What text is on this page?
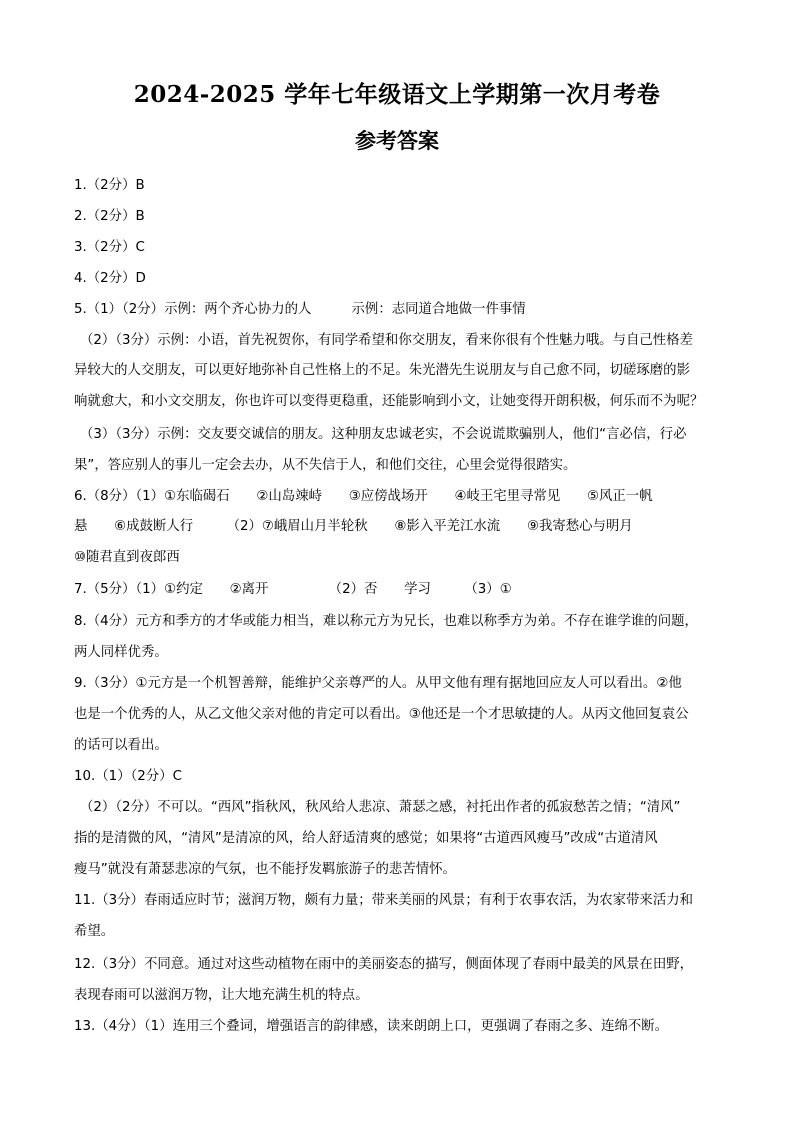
2024-2025 学年七年级语文上学期第一次月考卷
参考答案
1.（2分）B
2.（2分）B
3.（2分）C
4.（2分）D
5.（1）（2分）示例：两个齐心协力的人　　　示例：志同道合地做一件事情
（2）（3分）示例：小语，首先祝贺你，有同学希望和你交朋友，看来你很有个性魅力哦。与自己性格差
异较大的人交朋友，可以更好地弥补自己性格上的不足。朱光潜先生说朋友与自己愈不同，切磋琢磨的影
响就愈大，和小文交朋友，你也许可以变得更稳重，还能影响到小文，让她变得开朗积极，何乐而不为呢？
（3）（3分）示例：交友要交诚信的朋友。这种朋友忠诚老实，不会说谎欺骗别人，他们“言必信，行必
果”，答应别人的事儿一定会去办，从不失信于人，和他们交往，心里会觉得很踏实。
6.（8分）（1）①东临碣石　　②山岛竦峙　　③应傍战场开　　④岐王宅里寻常见　　⑤风正一帆
悬　　⑥成鼓断人行　　　（2）⑦峨眉山月半轮秋　　⑧影入平羌江水流　　⑨我寄愁心与明月
⑩随君直到夜郎西
7.（5分）（1）①约定　　②离开　　　　　（2）否　　学习　　　（3）①
8.（4分）元方和季方的才华或能力相当，难以称元方为兄长，也难以称季方为弟。不存在谁学谁的问题，
两人同样优秀。
9.（3分）①元方是一个机智善辩，能维护父亲尊严的人。从甲文他有理有据地回应友人可以看出。②他
也是一个优秀的人，从乙文他父亲对他的肯定可以看出。③他还是一个才思敏捷的人。从丙文他回复袁公
的话可以看出。
10.（1）（2分）C
（2）（2分）不可以。“西风”指秋风，秋风给人悲凉、萧瑟之感，衬托出作者的孤寂愁苦之情；“清风”
指的是清微的风，“清风”是清凉的风，给人舒适清爽的感觉；如果将“古道西风瘦马”改成“古道清风
瘦马”就没有萧瑟悲凉的气氛，也不能抒发羁旅游子的悲苦情怀。
11.（3分）春雨适应时节；滋润万物，颇有力量；带来美丽的风景；有利于农事农活，为农家带来活力和
希望。
12.（3分）不同意。通过对这些动植物在雨中的美丽姿态的描写，侧面体现了春雨中最美的风景在田野，
表现春雨可以滋润万物，让大地充满生机的特点。
13.（4分）（1）连用三个叠词，增强语言的韵律感，读来朗朗上口，更强调了春雨之多、连绵不断。
